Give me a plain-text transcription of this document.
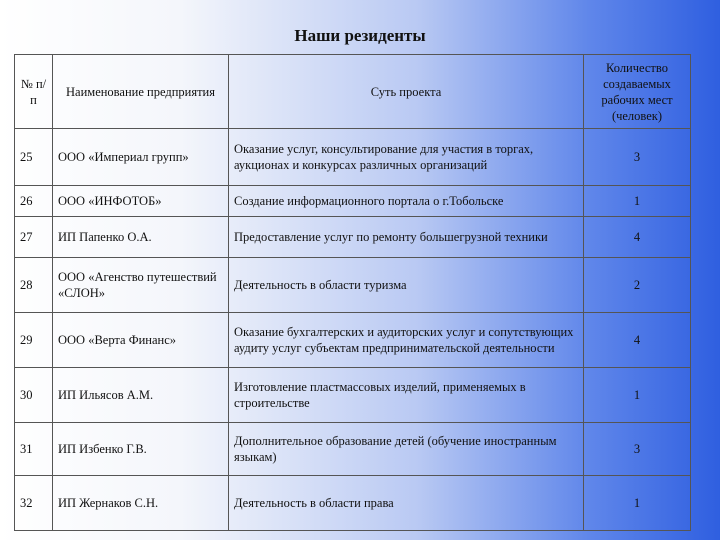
Наши резиденты
№ п/п	Наименование предприятия	Суть проекта	Количество создаваемых рабочих мест (человек)
25	ООО «Империал групп»	Оказание услуг, консультирование для участия в торгах, аукционах и конкурсах различных организаций	3
26	ООО «ИНФОТОБ»	Создание информационного портала о г.Тобольске	1
27	ИП Папенко О.А.	Предоставление услуг по ремонту большегрузной техники	4
28	ООО «Агенство путешествий «СЛОН»	Деятельность в области туризма	2
29	ООО «Верта Финанс»	Оказание бухгалтерских и аудиторских услуг и сопутствующих аудиту услуг субъектам предпринимательской деятельности	4
30	ИП Ильясов А.М.	Изготовление пластмассовых изделий, применяемых в строительстве	1
31	ИП Избенко Г.В.	Дополнительное образование детей (обучение иностранным языкам)	3
32	ИП Жернаков С.Н.	Деятельность в области права	1
